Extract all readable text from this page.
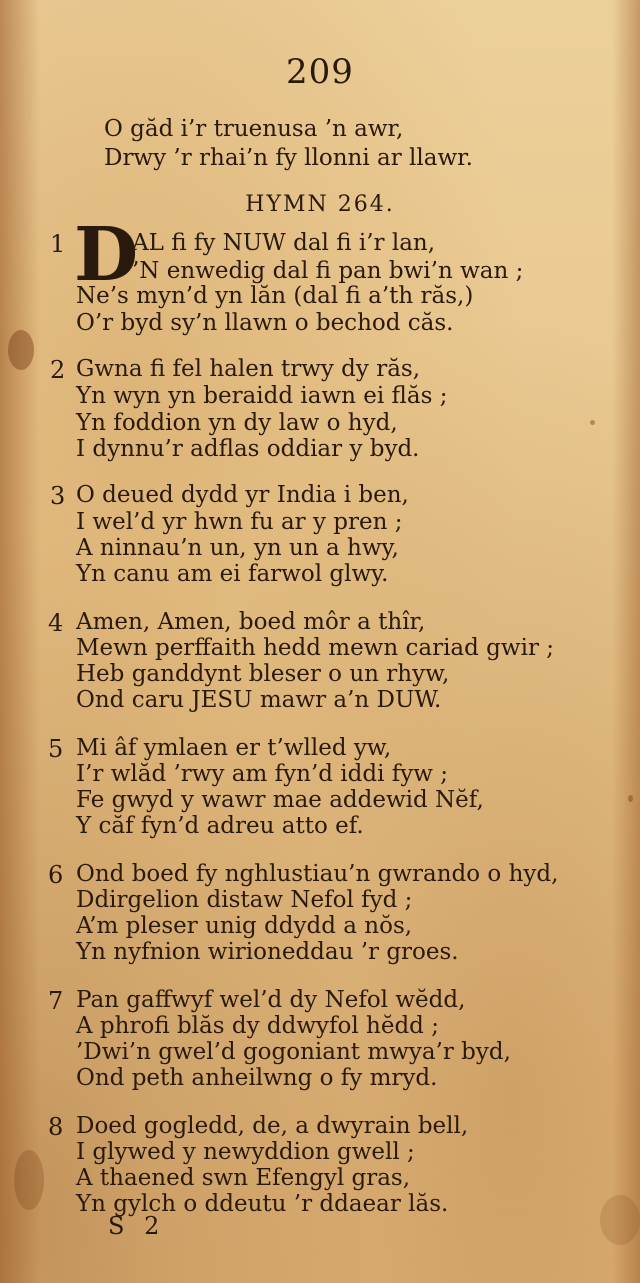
209
O găd i’r truenusa ’n awr,
Drwy ’r rhai’n fy llonni ar llawr.
HYMN 264.
1 D
AL fi fy NUW dal fi i’r lan,
’N enwedig dal fi pan bwi’n wan ;
Ne’s myn’d yn lăn (dal fi a’th răs,)
O’r byd sy’n llawn o bechod căs.
2 Gwna fi fel halen trwy dy răs,
Yn wyn yn beraidd iawn ei flăs ;
Yn foddion yn dy law o hyd,
I dynnu’r adflas oddiar y byd.
3 O deued dydd yr India i ben,
I wel’d yr hwn fu ar y pren ;
A ninnau’n un, yn un a hwy,
Yn canu am ei farwol glwy.
4 Amen, Amen, boed môr a thîr,
Mewn perffaith hedd mewn cariad gwir ;
Heb ganddynt bleser o un rhyw,
Ond caru JESU mawr a’n DUW.
5 Mi âf ymlaen er t’wlled yw,
I’r wlăd ’rwy am fyn’d iddi fyw ;
Fe gwyd y wawr mae addewid Nĕf,
Y căf fyn’d adreu atto ef.
6 Ond boed fy nghlustiau’n gwrando o hyd,
Ddirgelion distaw Nefol fyd ;
A’m pleser unig ddydd a nŏs,
Yn nyfnion wirioneddau ’r groes.
7 Pan gaffwyf wel’d dy Nefol wĕdd,
A phrofi blăs dy ddwyfol hĕdd ;
’Dwi’n gwel’d gogoniant mwya’r byd,
Ond peth anheilwng o fy mryd.
8 Doed gogledd, de, a dwyrain bell,
I glywed y newyddion gwell ;
A thaened swn Efengyl gras,
Yn gylch o ddeutu ’r ddaear lăs.
S 2
